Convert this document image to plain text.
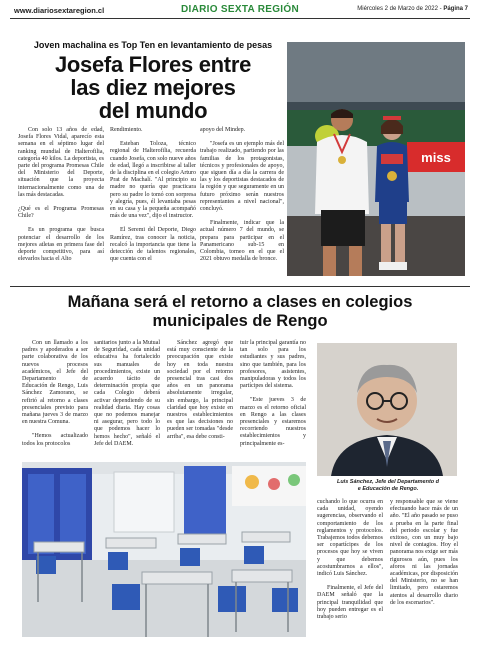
www.diariosextaregion.cl	DIARIO SEXTA REGIÓN	Miércoles 2 de Marzo de 2022 - Página 7
Joven machalina es Top Ten en levantamiento de pesas
Josefa Flores entre
las diez mejores
del mundo

Con solo 13 años de edad, Josefa Flores Vidal, aparecío esta semana en el séptimo lugar del ranking mundial de Halterofilia, categoría 40 kilos. La deportista, es parte del programa Promesas Chile del Ministerio del Deporte, situación que la proyecta internacionalmente como una de las más destacadas.

¿Qué es el Programa Promesas Chile?

Es un programa que busca potenciar el desarrollo de los mejores atletas en primera fase del deporte competitivo, para así elevarlos hacia el Alto

Rendimiento.

Esteban Toloza, técnico regional de Halterofilia, recuerda cuando Josefa, con solo nueve años de edad, llegó a inscribirse al taller de la disciplina en el colegio Arturo Prat de Machalí. "Al principio su madre no quería que practicara pero su padre lo tomó con sorpresa y alegría, pues, él levantaba pesas en su casa y la pequeña acompañó más de una vez", dijo el instructor.

El Seremi del Deporte, Diego Ramírez, tras conocer la noticia, recalcó la importancia que tiene la detección de talentos regionales, que cuenta con el

apoyo del Mindep.

"Josefa es un ejemplo más del trabajo realizado, partiendo por las familias de los protagonistas, técnicos y profesionales de apoyo, que siguen día a día la carrera de las y los deportistas destacados de la región y que seguramente en un futuro próximo serán nuestros representantes a nivel nacional", concluyó.

Finalmente, indicar que la actual número 7 del mundo, se prepara para participar en el Panamericano sub-15 en Colombia, torneo en el que el 2021 obtuvo medalla de bronce.

miss
Mañana será el retorno a clases en colegios
municipales de Rengo

Con un llamado a los padres y apoderados a ser parte colaborativa de los nuevos procesos académicos, el Jefe del Departamento de Educación de Rengo, Luis Sánchez Zamorano, se refirió al retorno a clases presenciales previsto para mañana jueves 3 de marzo en nuestra Comuna.

"Hemos actualizado todos los protocolos

sanitarios junto a la Mutual de Seguridad, cada unidad educativa ha fortalecido sus manuales de procedimientos, existe un acuerdo tácito de determinación propia que cada Colegio deberá activar dependiendo de su realidad diaria. Hay cosas que no podemos manejar ni asegurar, pero todo lo que podemos hacer lo hemos hecho", señaló el Jefe del DAEM.

Sánchez agregó que está muy consciente de la preocupación que existe hoy en toda nuestra sociedad por el retorno presencial tras casi dos años en un panorama absolutamente irregular, sin embargo, la principal claridad que hoy existe en nuestros establecimientos es que las decisiones no pueden ser tomadas "desde arriba", esa debe consti-

tuir la principal garantía no tan solo para los estudiantes y sus padres, sino que también, para los profesores, asistentes, manipuladoras y todos los partícipes del sistema.

"Este jueves 3 de marzo es el retorno oficial en Rengo a las clases presenciales y estaremos recorriendo nuestros establecimientos y principalmente es-

Luis Sánchez, Jefe del Departamento d
e Educación de Rengo.

cuchando lo que ocurra en cada unidad, oyendo sugerencias, observando el comportamiento de los reglamentos y protocolos. Trabajemos todos debemos ser copartícipes de los procesos que hoy se viven y que debemos acostumbrarnos a ellos", indicó Luis Sánchez.

Finalmente, el Jefe del DAEM señaló que la principal tranquilidad que hoy pueden entregar es el trabajo serio

y responsable que se viene efectuando hace más de un año. "El año pasado se puso a prueba en la parte final del periodo escolar y fue exitoso, con un muy bajo nivel de contagios. Hoy el panorama nos exige ser más rigurosos aún, pues los aforos ni las jornadas académicas, por disposición del Ministerio, no se han limitado, pero estaremos atentos al desarrollo diario de los escenarios".
